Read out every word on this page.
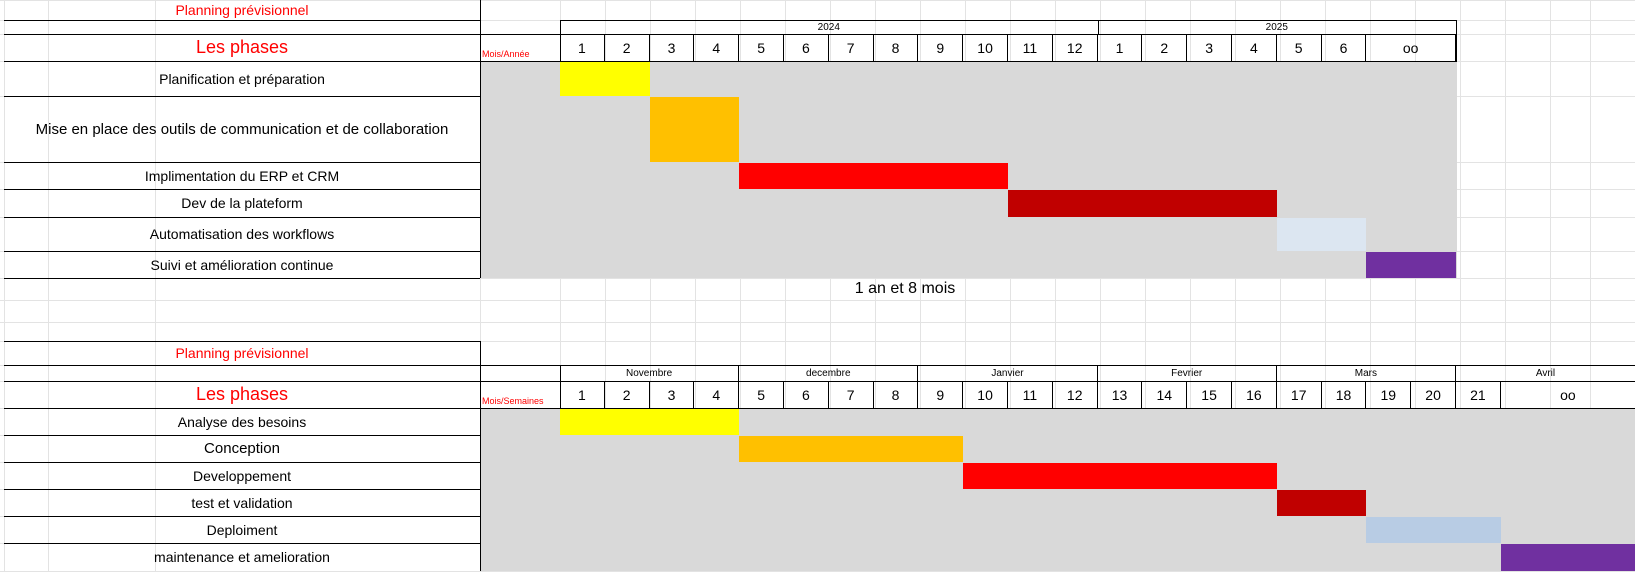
Planning prévisionnel
Les phases	Mois/Année
2024	2025
1	2	3	4	5	6	7	8	9	10	11	12	1	2	3	4	5	6	oo
Planification et préparation
Mise en place des outils de communication et de collaboration
Implimentation du ERP et CRM
Dev de la plateform
Automatisation des workflows
Suivi et amélioration continue
1 an et 8 mois
Planning prévisionnel
Les phases	Mois/Semaines
Novembre	decembre	Janvier	Fevrier	Mars	Avril
1	2	3	4	5	6	7	8	9	10	11	12	13	14	15	16	17	18	19	20	21	oo
Analyse des besoins
Conception
Developpement
test et validation
Deploiment
maintenance et amelioration
